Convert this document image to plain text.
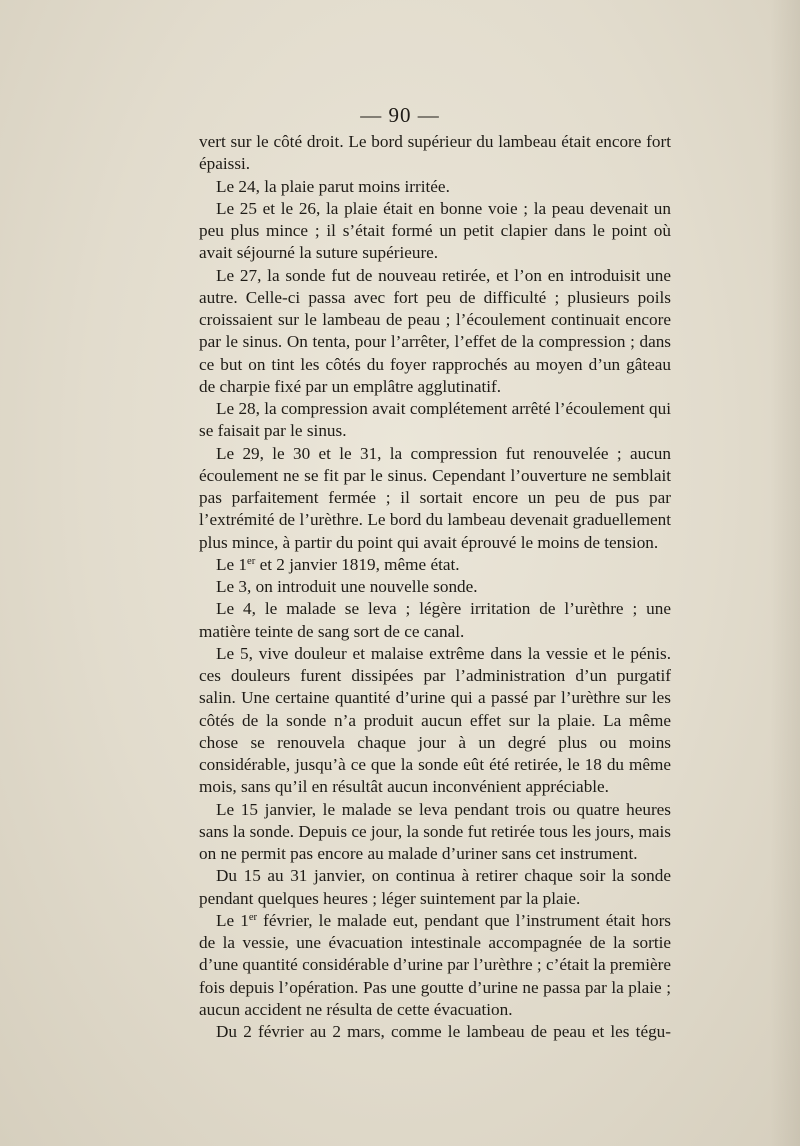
— 90 —

vert sur le côté droit. Le bord supérieur du lambeau était encore fort épaissi.

Le 24, la plaie parut moins irritée.

Le 25 et le 26, la plaie était en bonne voie ; la peau devenait un peu plus mince ; il s’était formé un petit clapier dans le point où avait séjourné la suture supérieure.

Le 27, la sonde fut de nouveau retirée, et l’on en introduisit une autre. Celle-ci passa avec fort peu de difficulté ; plusieurs poils croissaient sur le lambeau de peau ; l’écoulement continuait encore par le sinus. On tenta, pour l’arrêter, l’effet de la compression ; dans ce but on tint les côtés du foyer rapprochés au moyen d’un gâteau de charpie fixé par un emplâtre agglutinatif.

Le 28, la compression avait complétement arrêté l’écoulement qui se faisait par le sinus.

Le 29, le 30 et le 31, la compression fut renouvelée ; aucun écoulement ne se fit par le sinus. Cependant l’ouverture ne semblait pas parfaitement fermée ; il sortait encore un peu de pus par l’extrémité de l’urèthre. Le bord du lambeau devenait graduellement plus mince, à partir du point qui avait éprouvé le moins de tension.

Le 1er et 2 janvier 1819, même état.

Le 3, on introduit une nouvelle sonde.

Le 4, le malade se leva ; légère irritation de l’urèthre ; une matière teinte de sang sort de ce canal.

Le 5, vive douleur et malaise extrême dans la vessie et le pénis. ces douleurs furent dissipées par l’administration d’un purgatif salin. Une certaine quantité d’urine qui a passé par l’urèthre sur les côtés de la sonde n’a produit aucun effet sur la plaie. La même chose se renouvela chaque jour à un degré plus ou moins considérable, jusqu’à ce que la sonde eût été retirée, le 18 du même mois, sans qu’il en résultât aucun inconvénient appréciable.

Le 15 janvier, le malade se leva pendant trois ou quatre heures sans la sonde. Depuis ce jour, la sonde fut retirée tous les jours, mais on ne permit pas encore au malade d’uriner sans cet instrument.

Du 15 au 31 janvier, on continua à retirer chaque soir la sonde pendant quelques heures ; léger suintement par la plaie.

Le 1er février, le malade eut, pendant que l’instrument était hors de la vessie, une évacuation intestinale accompagnée de la sortie d’une quantité considérable d’urine par l’urèthre ; c’était la première fois depuis l’opération. Pas une goutte d’urine ne passa par la plaie ; aucun accident ne résulta de cette évacuation.

Du 2 février au 2 mars, comme le lambeau de peau et les tégu-
